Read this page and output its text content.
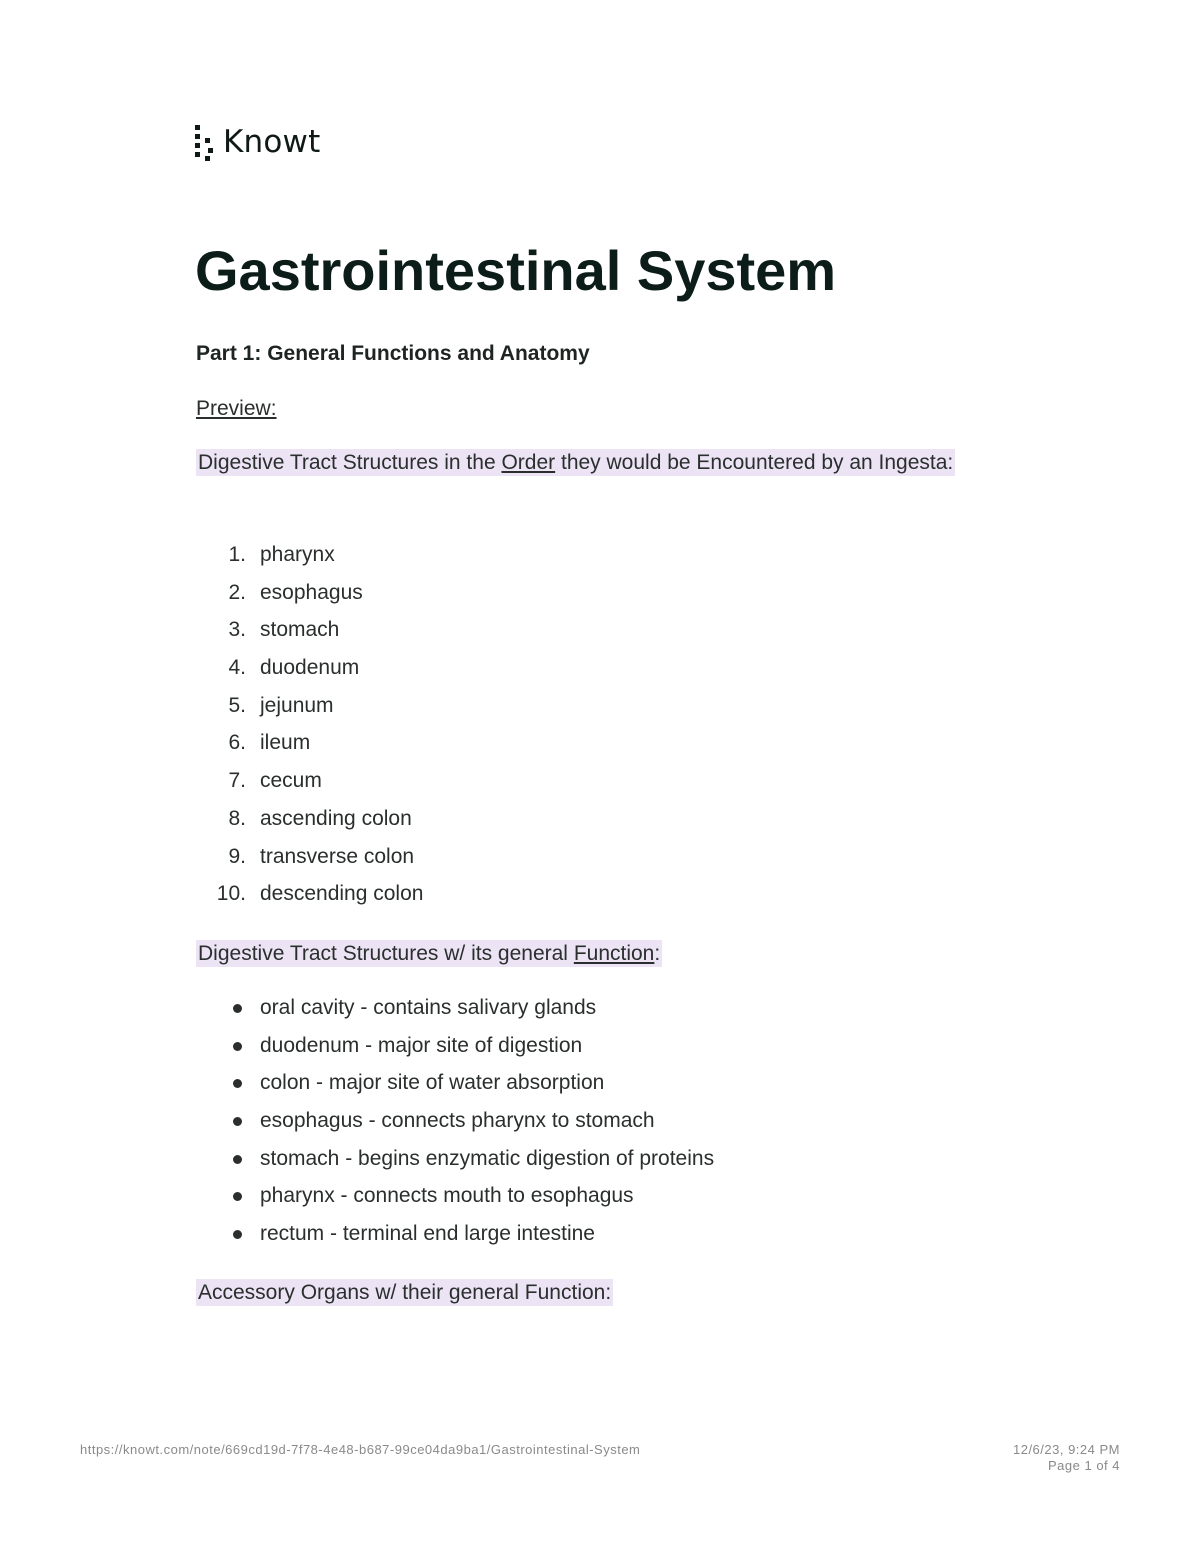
Knowt
Gastrointestinal System
Part 1: General Functions and Anatomy
Preview:
Digestive Tract Structures in the Order they would be Encountered by an Ingesta:
1. pharynx
2. esophagus
3. stomach
4. duodenum
5. jejunum
6. ileum
7. cecum
8. ascending colon
9. transverse colon
10. descending colon
Digestive Tract Structures w/ its general Function:
oral cavity - contains salivary glands
duodenum - major site of digestion
colon - major site of water absorption
esophagus - connects pharynx to stomach
stomach - begins enzymatic digestion of proteins
pharynx - connects mouth to esophagus
rectum - terminal end large intestine
Accessory Organs w/ their general Function:
https://knowt.com/note/669cd19d-7f78-4e48-b687-99ce04da9ba1/Gastrointestinal-System	12/6/23, 9:24 PM
Page 1 of 4
